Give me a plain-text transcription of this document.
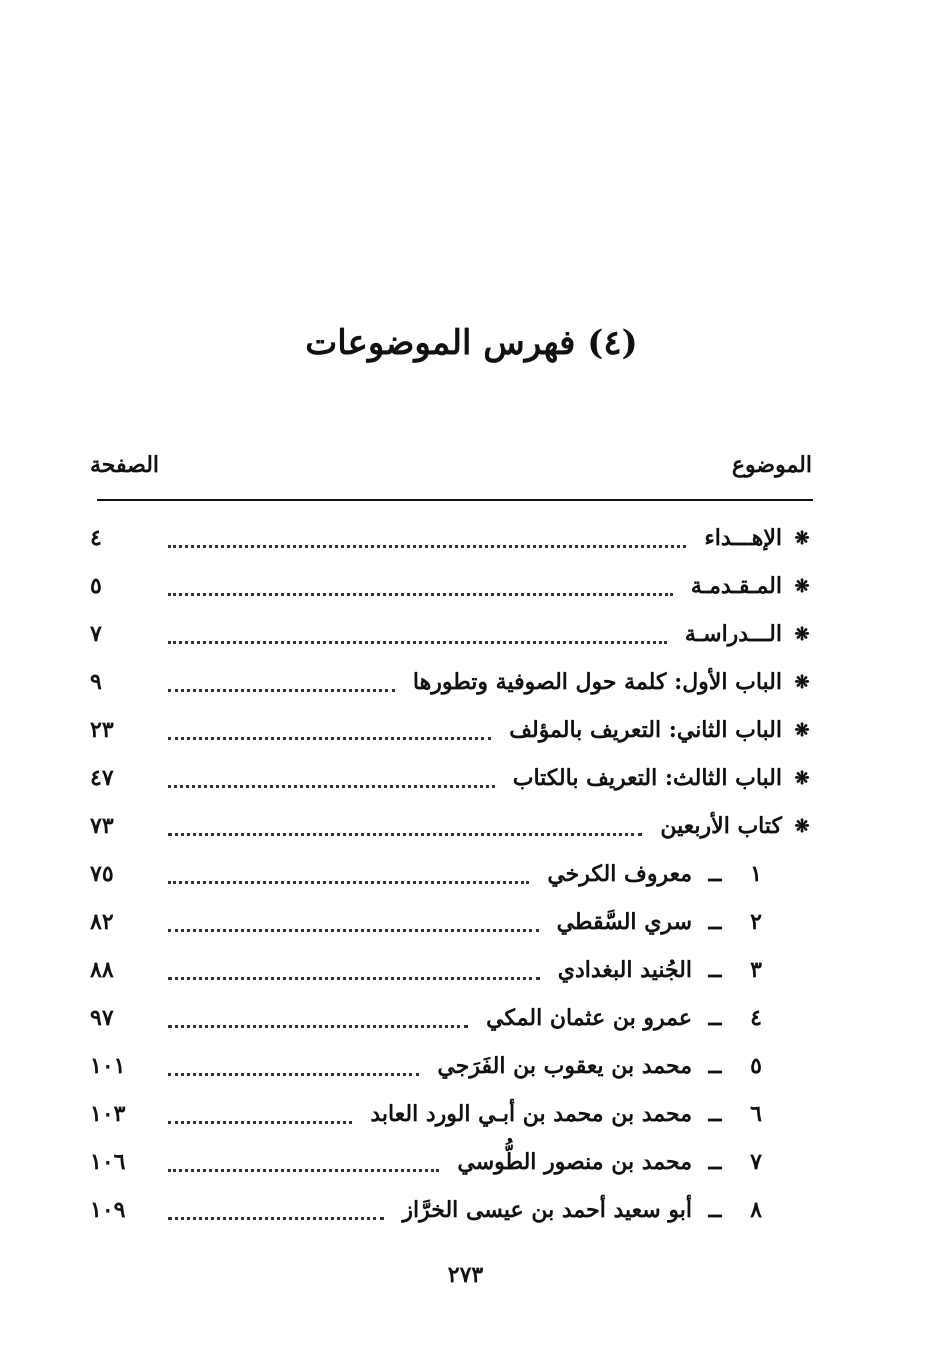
(٤) فهرس الموضوعات
الموضوع
الصفحة
❋
الإهـــداء
٤
❋
المـقـدمـة
٥
❋
الـــدراسـة
٧
❋
الباب الأول: كلمة حول الصوفية وتطورها
٩
❋
الباب الثاني: التعريف بالمؤلف
٢٣
❋
الباب الثالث: التعريف بالكتاب
٤٧
❋
كتاب الأربعين
٧٣
١
ــ
معروف الكرخي
٧٥
٢
ــ
سري السَّقطي
٨٢
٣
ــ
الجُنيد البغدادي
٨٨
٤
ــ
عمرو بن عثمان المكي
٩٧
٥
ــ
محمد بن يعقوب بن الفَرَجي
١٠١
٦
ــ
محمد بن محمد بن أبـي الورد العابد
١٠٣
٧
ــ
محمد بن منصور الطُّوسي
١٠٦
٨
ــ
أبو سعيد أحمد بن عيسى الخرَّاز
١٠٩
٢٧٣
